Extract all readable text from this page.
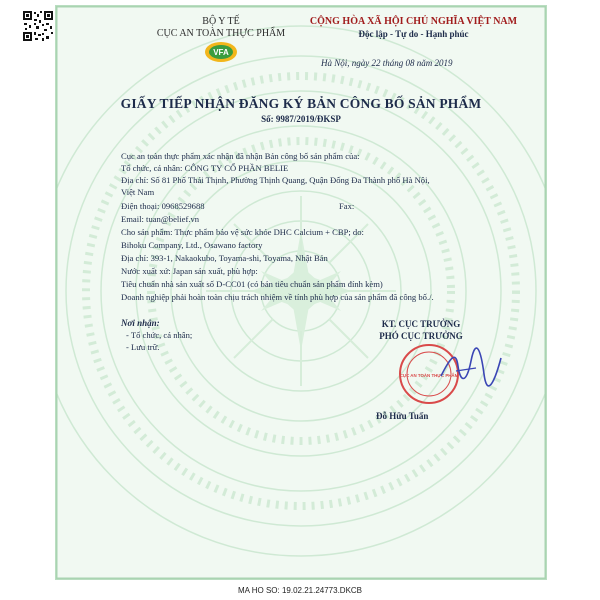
VFA
BỘ Y TẾ
CỤC AN TOÀN THỰC PHẨM
CỘNG HÒA XÃ HỘI CHỦ NGHĨA VIỆT NAM
Độc lập - Tự do - Hạnh phúc
Hà Nội, ngày 22 tháng 08 năm 2019
GIẤY TIẾP NHẬN ĐĂNG KÝ BẢN CÔNG BỐ SẢN PHẨM
Số: 9987/2019/ĐKSP
Cục an toàn thực phẩm xác nhận đã nhận Bản công bố sản phẩm của:
Tổ chức, cá nhân: CÔNG TY CỔ PHẦN BELIE
Địa chỉ: Số 81 Phố Thái Thịnh, Phường Thịnh Quang, Quận Đống Đa Thành phố Hà Nội,
Việt Nam
Điện thoại: 0968529688	Fax:
Email: tuan@belief.vn
Cho sản phẩm: Thực phẩm bảo vệ sức khỏe DHC Calcium + CBP; do:
Bihoku Company, Ltd., Osawano factory
Địa chỉ: 393-1, Nakaokubo, Toyama-shi, Toyama, Nhật Bản
Nước xuất xứ: Japan sản xuất, phù hợp:
Tiêu chuẩn nhà sản xuất số D-CC01 (có bản tiêu chuẩn sản phẩm đính kèm)
Doanh nghiệp phải hoàn toàn chịu trách nhiệm về tính phù hợp của sản phẩm đã công bố./.
Nơi nhận:
- Tổ chức, cá nhân;
- Lưu trữ.
KT. CỤC TRƯỞNG
PHÓ CỤC TRƯỞNG
CỤC AN TOÀN THỰC PHẨM
Đỗ Hữu Tuấn
MA HO SO: 19.02.21.24773.DKCB
